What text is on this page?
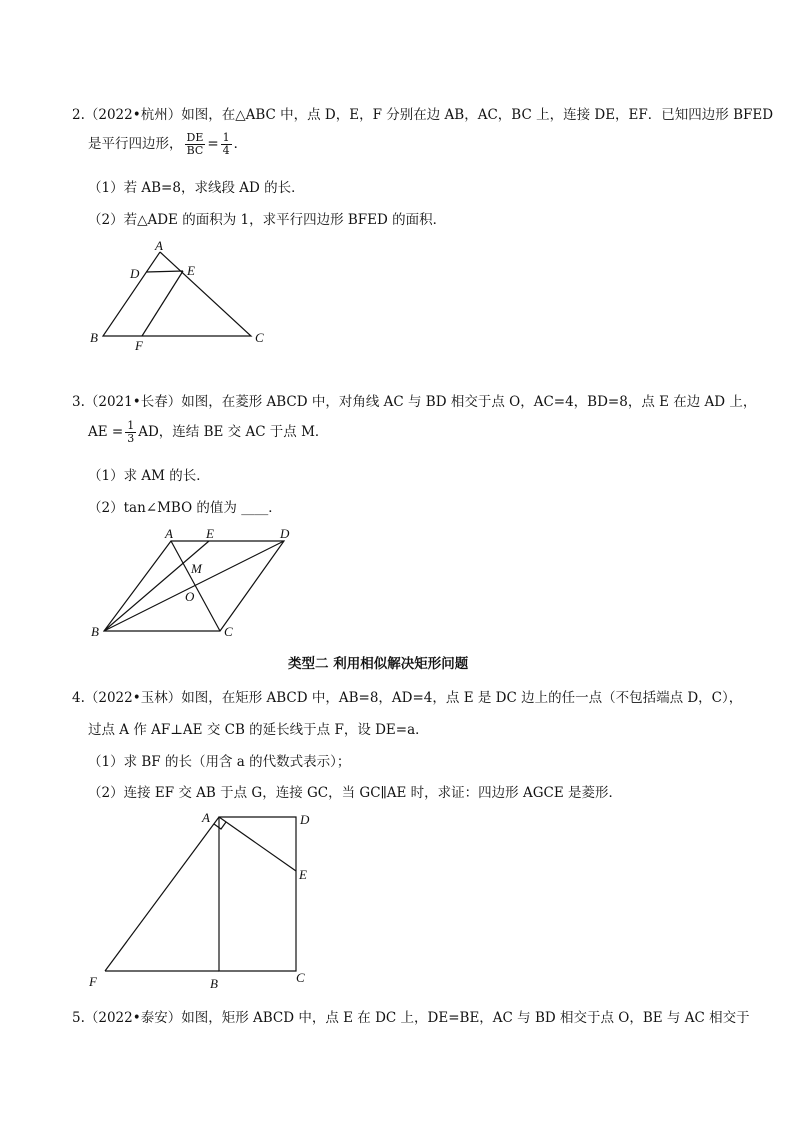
2.（2022•杭州）如图，在△ABC 中，点 D，E，F 分别在边 AB，AC，BC 上，连接 DE，EF．已知四边形 BFED
是平行四边形， $\frac{DE}{BC} = \frac{1}{4}$ ．
（1）若 AB=8，求线段 AD 的长．
（2）若△ADE 的面积为 1，求平行四边形 BFED 的面积．
A
D	E
B
F
C
3.（2021•长春）如图，在菱形 ABCD 中，对角线 AC 与 BD 相交于点 O，AC=4，BD=8，点 E 在边 AD 上，
AE = $\frac{1}{3}$ AD，连结 BE 交 AC 于点 M．
（1）求 AM 的长．
（2）tan∠MBO 的值为 ____．
A	E	D
M
O
B	C
类型二 利用相似解决矩形问题
4.（2022•玉林）如图，在矩形 ABCD 中，AB=8，AD=4，点 E 是 DC 边上的任一点（不包括端点 D，C），
过点 A 作 AF⊥AE 交 CB 的延长线于点 F，设 DE=a．
（1）求 BF 的长（用含 a 的代数式表示）；
（2）连接 EF 交 AB 于点 G，连接 GC，当 GC∥AE 时，求证：四边形 AGCE 是菱形．
A	D
E
F	B	C
5.（2022•泰安）如图，矩形 ABCD 中，点 E 在 DC 上，DE=BE，AC 与 BD 相交于点 O，BE 与 AC 相交于
